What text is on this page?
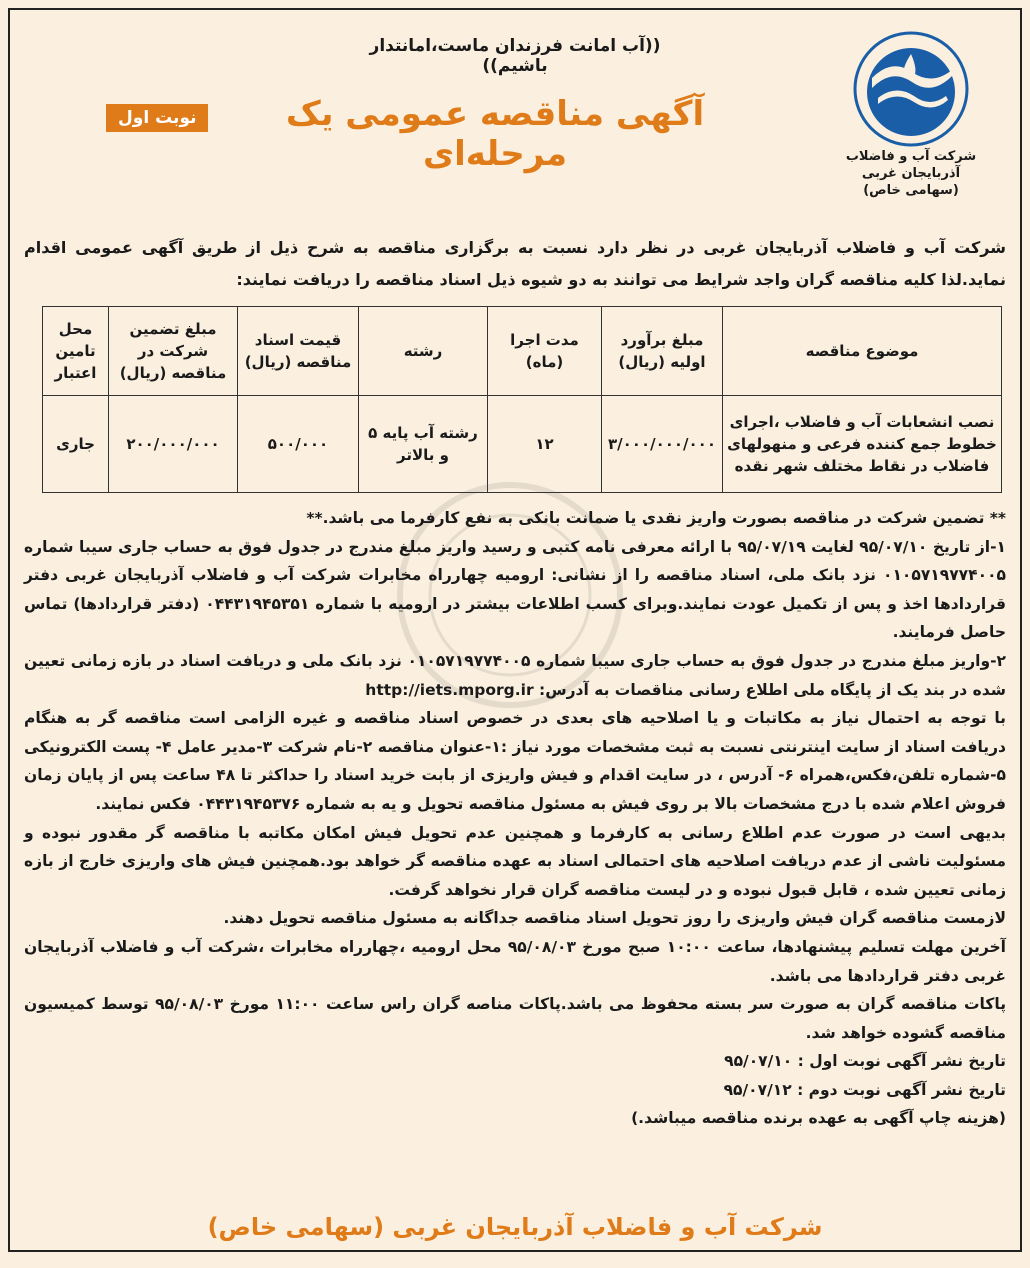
شرکت آب و فاضلاب
آذربایجان غربی
(سهامی خاص)
((آب امانت فرزندان ماست،امانتدار باشیم))
آگهی مناقصه عمومی یک مرحله‌ای
نوبت اول
شرکت آب و فاضلاب آذربایجان غربی در نظر دارد نسبت به برگزاری مناقصه به شرح ذیل از طریق آگهی عمومی اقدام نماید.لذا کلیه مناقصه گران واجد شرایط می توانند به دو شیوه ذیل اسناد مناقصه را دریافت نمایند:
موضوع مناقصه	مبلغ برآورد اولیه (ریال)	مدت اجرا (ماه)	رشته	قیمت اسناد مناقصه (ریال)	مبلغ تضمین شرکت در مناقصه (ریال)	محل تامین اعتبار
نصب انشعابات آب و فاضلاب ،اجرای خطوط جمع کننده فرعی و منهولهای فاضلاب در نقاط مختلف شهر نقده	۳/۰۰۰/۰۰۰/۰۰۰	۱۲	رشته آب پایه ۵ و بالاتر	۵۰۰/۰۰۰	۲۰۰/۰۰۰/۰۰۰	جاری

** تضمین شرکت در مناقصه بصورت واریز نقدی یا ضمانت بانکی به نفع کارفرما می باشد.**

۱-از تاریخ ۹۵/۰۷/۱۰ لغایت ۹۵/۰۷/۱۹ با ارائه معرفی نامه کتبی و رسید واریز مبلغ مندرج در جدول فوق به حساب جاری سیبا شماره ۰۱۰۵۷۱۹۷۷۴۰۰۵ نزد بانک ملی، اسناد مناقصه را از نشانی: ارومیه چهارراه مخابرات شرکت آب و فاضلاب آذربایجان غربی دفتر قراردادها اخذ و پس از تکمیل عودت نمایند.وبرای کسب اطلاعات بیشتر در ارومیه با شماره ۰۴۴۳۱۹۴۵۳۵۱ (دفتر قراردادها) تماس حاصل فرمایند.

۲-واریز مبلغ مندرج در جدول فوق به حساب جاری سیبا شماره ۰۱۰۵۷۱۹۷۷۴۰۰۵ نزد بانک ملی و دریافت اسناد در بازه زمانی تعیین شده در بند یک از پایگاه ملی اطلاع رسانی مناقصات به آدرس: http://iets.mporg.ir

با توجه به احتمال نیاز به مکاتبات و یا اصلاحیه های بعدی در خصوص اسناد مناقصه و غیره الزامی است مناقصه گر به هنگام دریافت اسناد از سایت اینترنتی نسبت به ثبت مشخصات مورد نیاز :۱-عنوان مناقصه ۲-نام شرکت ۳-مدیر عامل ۴- پست الکترونیکی ۵-شماره تلفن،فکس،همراه ۶- آدرس ، در سایت اقدام و فیش واریزی از بابت خرید اسناد را حداکثر تا ۴۸ ساعت پس از پایان زمان فروش اعلام شده با درج مشخصات بالا بر روی فیش به مسئول مناقصه تحویل و یه به شماره ۰۴۴۳۱۹۴۵۳۷۶ فکس نمایند.

بدیهی است در صورت عدم اطلاع رسانی به کارفرما و همچنین عدم تحویل فیش امکان مکاتبه با مناقصه گر مقدور نبوده و مسئولیت ناشی از عدم دریافت اصلاحیه های احتمالی اسناد به عهده مناقصه گر خواهد بود.همچنین فیش های واریزی خارج از بازه زمانی تعیین شده ، قابل قبول نبوده و در لیست مناقصه گران قرار نخواهد گرفت.

لازمست مناقصه گران فیش واریزی را روز تحویل اسناد مناقصه جداگانه به مسئول مناقصه تحویل دهند.

آخرین مهلت تسلیم پیشنهادها، ساعت ۱۰:۰۰ صبح مورخ ۹۵/۰۸/۰۳ محل ارومیه ،چهارراه مخابرات ،شرکت آب و فاضلاب آذربایجان غربی دفتر قراردادها می باشد.

پاکات مناقصه گران به صورت سر بسته محفوظ می باشد.پاکات مناصه گران راس ساعت ۱۱:۰۰ مورخ ۹۵/۰۸/۰۳ توسط کمیسیون مناقصه گشوده خواهد شد.

تاریخ نشر آگهی نوبت اول : ۹۵/۰۷/۱۰

تاریخ نشر آگهی نوبت دوم : ۹۵/۰۷/۱۲

(هزینه چاپ آگهی به عهده برنده مناقصه میباشد.)

شرکت آب و فاضلاب آذربایجان غربی (سهامی خاص)
